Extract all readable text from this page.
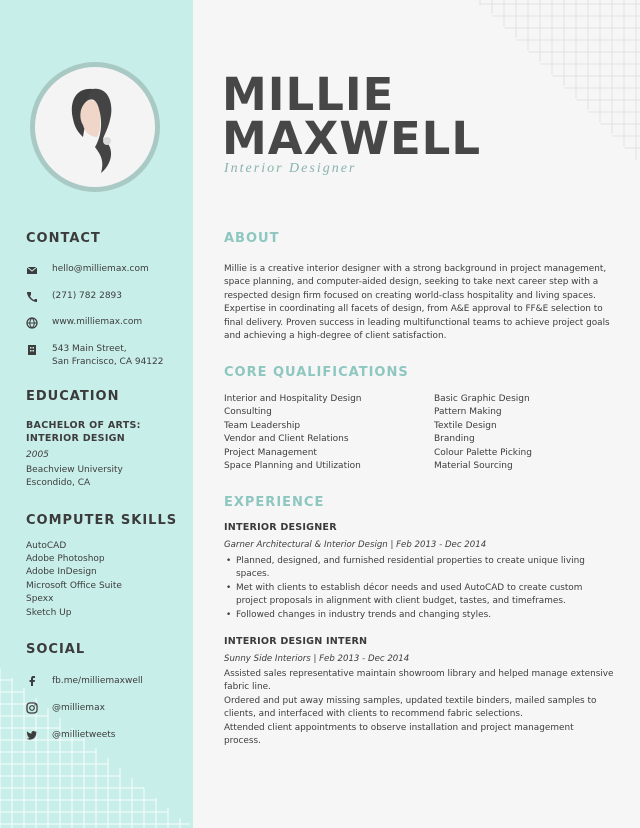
CONTACT
hello@milliemax.com
(271) 782 2893
www.milliemax.com
543 Main Street,
San Francisco, CA 94122
EDUCATION
BACHELOR OF ARTS:
INTERIOR DESIGN
2005
Beachview University
Escondido, CA
COMPUTER SKILLS
AutoCAD
Adobe Photoshop
Adobe InDesign
Microsoft Office Suite
Spexx
Sketch Up
SOCIAL
fb.me/milliemaxwell
@milliemax
@millietweets
MILLIE
MAXWELL
Interior Designer
ABOUT
Millie is a creative interior designer with a strong background in project management,
space planning, and computer-aided design, seeking to take next career step with a
respected design firm focused on creating world-class hospitality and living spaces.
Expertise in coordinating all facets of design, from A&E approval to FF&E selection to
final delivery. Proven success in leading multifunctional teams to achieve project goals
and achieving a high-degree of client satisfaction.
CORE QUALIFICATIONS
Interior and Hospitality Design
Consulting
Team Leadership
Vendor and Client Relations
Project Management
Space Planning and Utilization
Basic Graphic Design
Pattern Making
Textile Design
Branding
Colour Palette Picking
Material Sourcing
EXPERIENCE
INTERIOR DESIGNER
Garner Architectural & Interior Design | Feb 2013 - Dec 2014
• Planned, designed, and furnished residential properties to create unique living
spaces.
• Met with clients to establish décor needs and used AutoCAD to create custom
project proposals in alignment with client budget, tastes, and timeframes.
• Followed changes in industry trends and changing styles.
INTERIOR DESIGN INTERN
Sunny Side Interiors | Feb 2013 - Dec 2014
Assisted sales representative maintain showroom library and helped manage extensive
fabric line.
Ordered and put away missing samples, updated textile binders, mailed samples to
clients, and interfaced with clients to recommend fabric selections.
Attended client appointments to observe installation and project management
process.
